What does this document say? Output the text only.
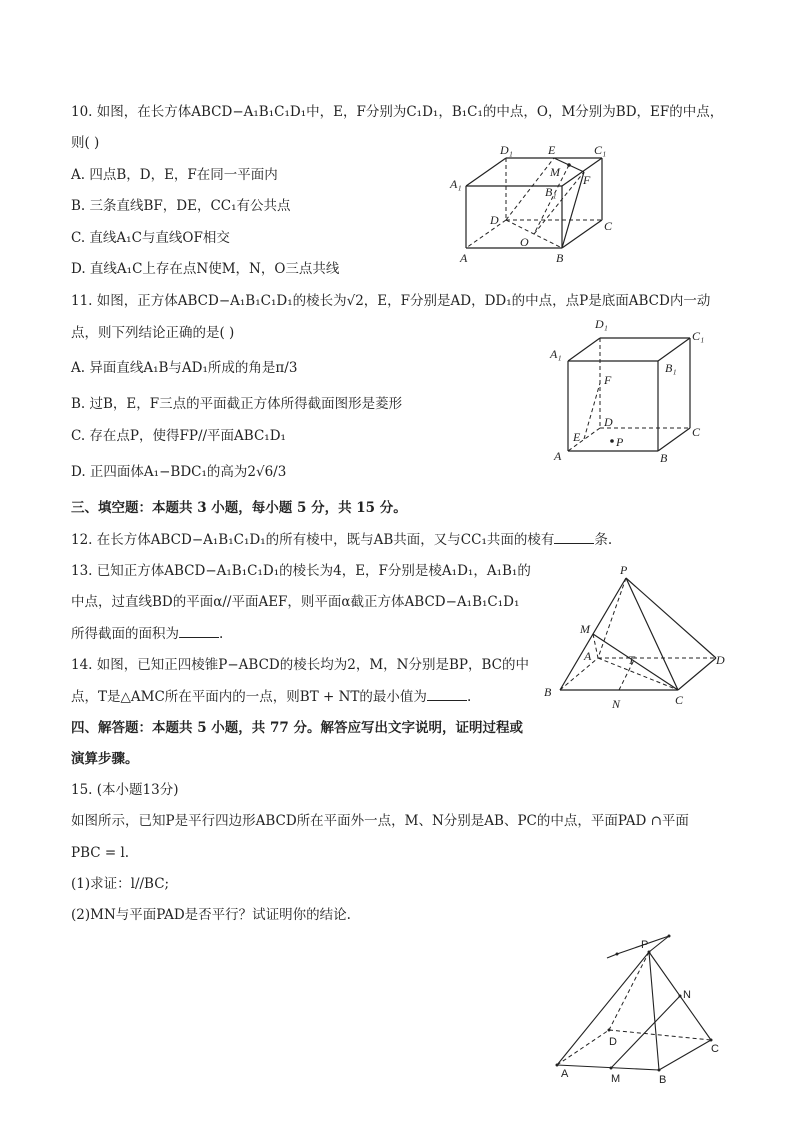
10. 如图，在长方体ABCD−A₁B₁C₁D₁中，E，F分别为C₁D₁，B₁C₁的中点，O，M分别为BD，EF的中点，
则( )
A. 四点B，D，E，F在同一平面内
B. 三条直线BF，DE，CC₁有公共点
C. 直线A₁C与直线OF相交
D. 直线A₁C上存在点N使M，N，O三点共线
D₁	E	C₁
A₁
M
B₁
F
D	C
O
A	B
11. 如图，正方体ABCD−A₁B₁C₁D₁的棱长为√2，E，F分别是AD，DD₁的中点，点P是底面ABCD内一动
点，则下列结论正确的是( )
A. 异面直线A₁B与AD₁所成的角是π/3
B. 过B，E，F三点的平面截正方体所得截面图形是菱形
C. 存在点P，使得FP//平面ABC₁D₁
D. 正四面体A₁−BDC₁的高为2√6/3
D₁
C₁
A₁
B₁
F
D
C
E	P
A	B
三、填空题：本题共 3 小题，每小题 5 分，共 15 分。
12. 在长方体ABCD−A₁B₁C₁D₁的所有棱中，既与AB共面，又与CC₁共面的棱有	条.
13. 已知正方体ABCD−A₁B₁C₁D₁的棱长为4，E，F分别是棱A₁D₁，A₁B₁的
中点，过直线BD的平面α//平面AEF，则平面α截正方体ABCD−A₁B₁C₁D₁
所得截面的面积为	.
14. 如图，已知正四棱锥P−ABCD的棱长均为2，M，N分别是BP，BC的中
点，T是△AMC所在平面内的一点，则BT + NT的最小值为	.
P
M
A	T	D
B
N	C
四、解答题：本题共 5 小题，共 77 分。解答应写出文字说明，证明过程或
演算步骤。
15. (本小题13分)
如图所示，已知P是平行四边形ABCD所在平面外一点，M、N分别是AB、PC的中点，平面PAD ∩平面
PBC = l.
(1)求证：l//BC;
(2)MN与平面PAD是否平行？试证明你的结论.
P
N
D
C
A	M	B
